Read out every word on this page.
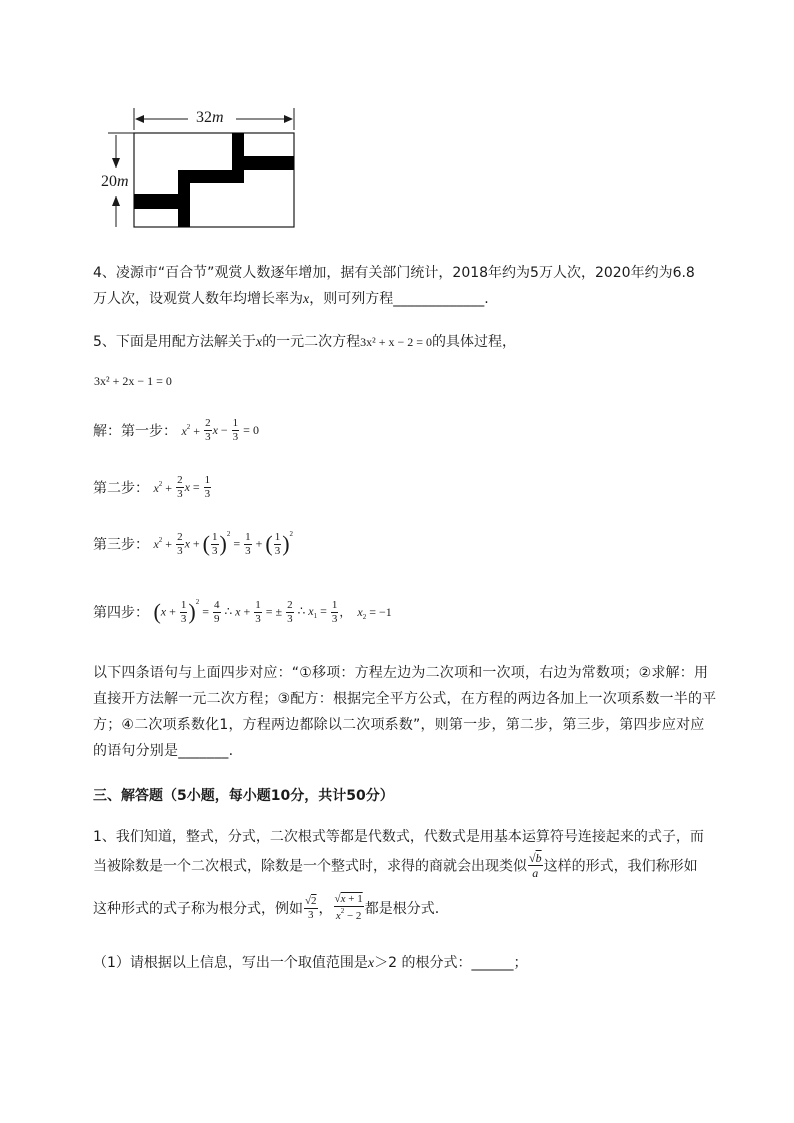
32m
20m
4、凌源市“百合节”观赏人数逐年增加，据有关部门统计，2018年约为5万人次，2020年约为6.8
万人次，设观赏人数年均增长率为x，则可列方程_____________.
5、下面是用配方法解关于x的一元二次方程3x² + x − 2 = 0的具体过程，
3x² + 2x − 1 = 0
解：第一步： $x^2 + \frac{2}{3}$ $x - \frac{1}{3} = 0$
第二步： $x^2 + \frac{2}{3}$ $x = \frac{1}{3}$
第三步： $x^2 + \frac{2}{3}$ x + ( $\frac{1}{3} )^2 = \frac{1}{3}$ + ( $\frac{1}{3} )^2$
第四步： $(x + \frac{1}{3} )^2 = \frac{4}{9}$ ∴ $x + \frac{1}{3}$ = ± $\frac{2}{3}$ ∴ $x_1 = \frac{1}{3}$ ，  $x_2 = -1$
以下四条语句与上面四步对应：“①移项：方程左边为二次项和一次项，右边为常数项；②求解：用
直接开方法解一元二次方程；③配方：根据完全平方公式，在方程的两边各加上一次项系数一半的平
方；④二次项系数化1，方程两边都除以二次项系数”，则第一步，第二步，第三步，第四步应对应
的语句分别是_______.
三、解答题（5小题，每小题10分，共计50分）
1、我们知道，整式，分式，二次根式等都是代数式，代数式是用基本运算符号连接起来的式子，而
当被除数是一个二次根式，除数是一个整式时，求得的商就会出现类似 $\frac{√b}{a}$ 这样的形式，我们称形如
这种形式的式子称为根分式，例如 $\frac{√2}{3}$ ， $\frac{√x + 1}{x^2 - 2}$ 都是根分式.
（1）请根据以上信息，写出一个取值范围是x＞2 的根分式：______；
